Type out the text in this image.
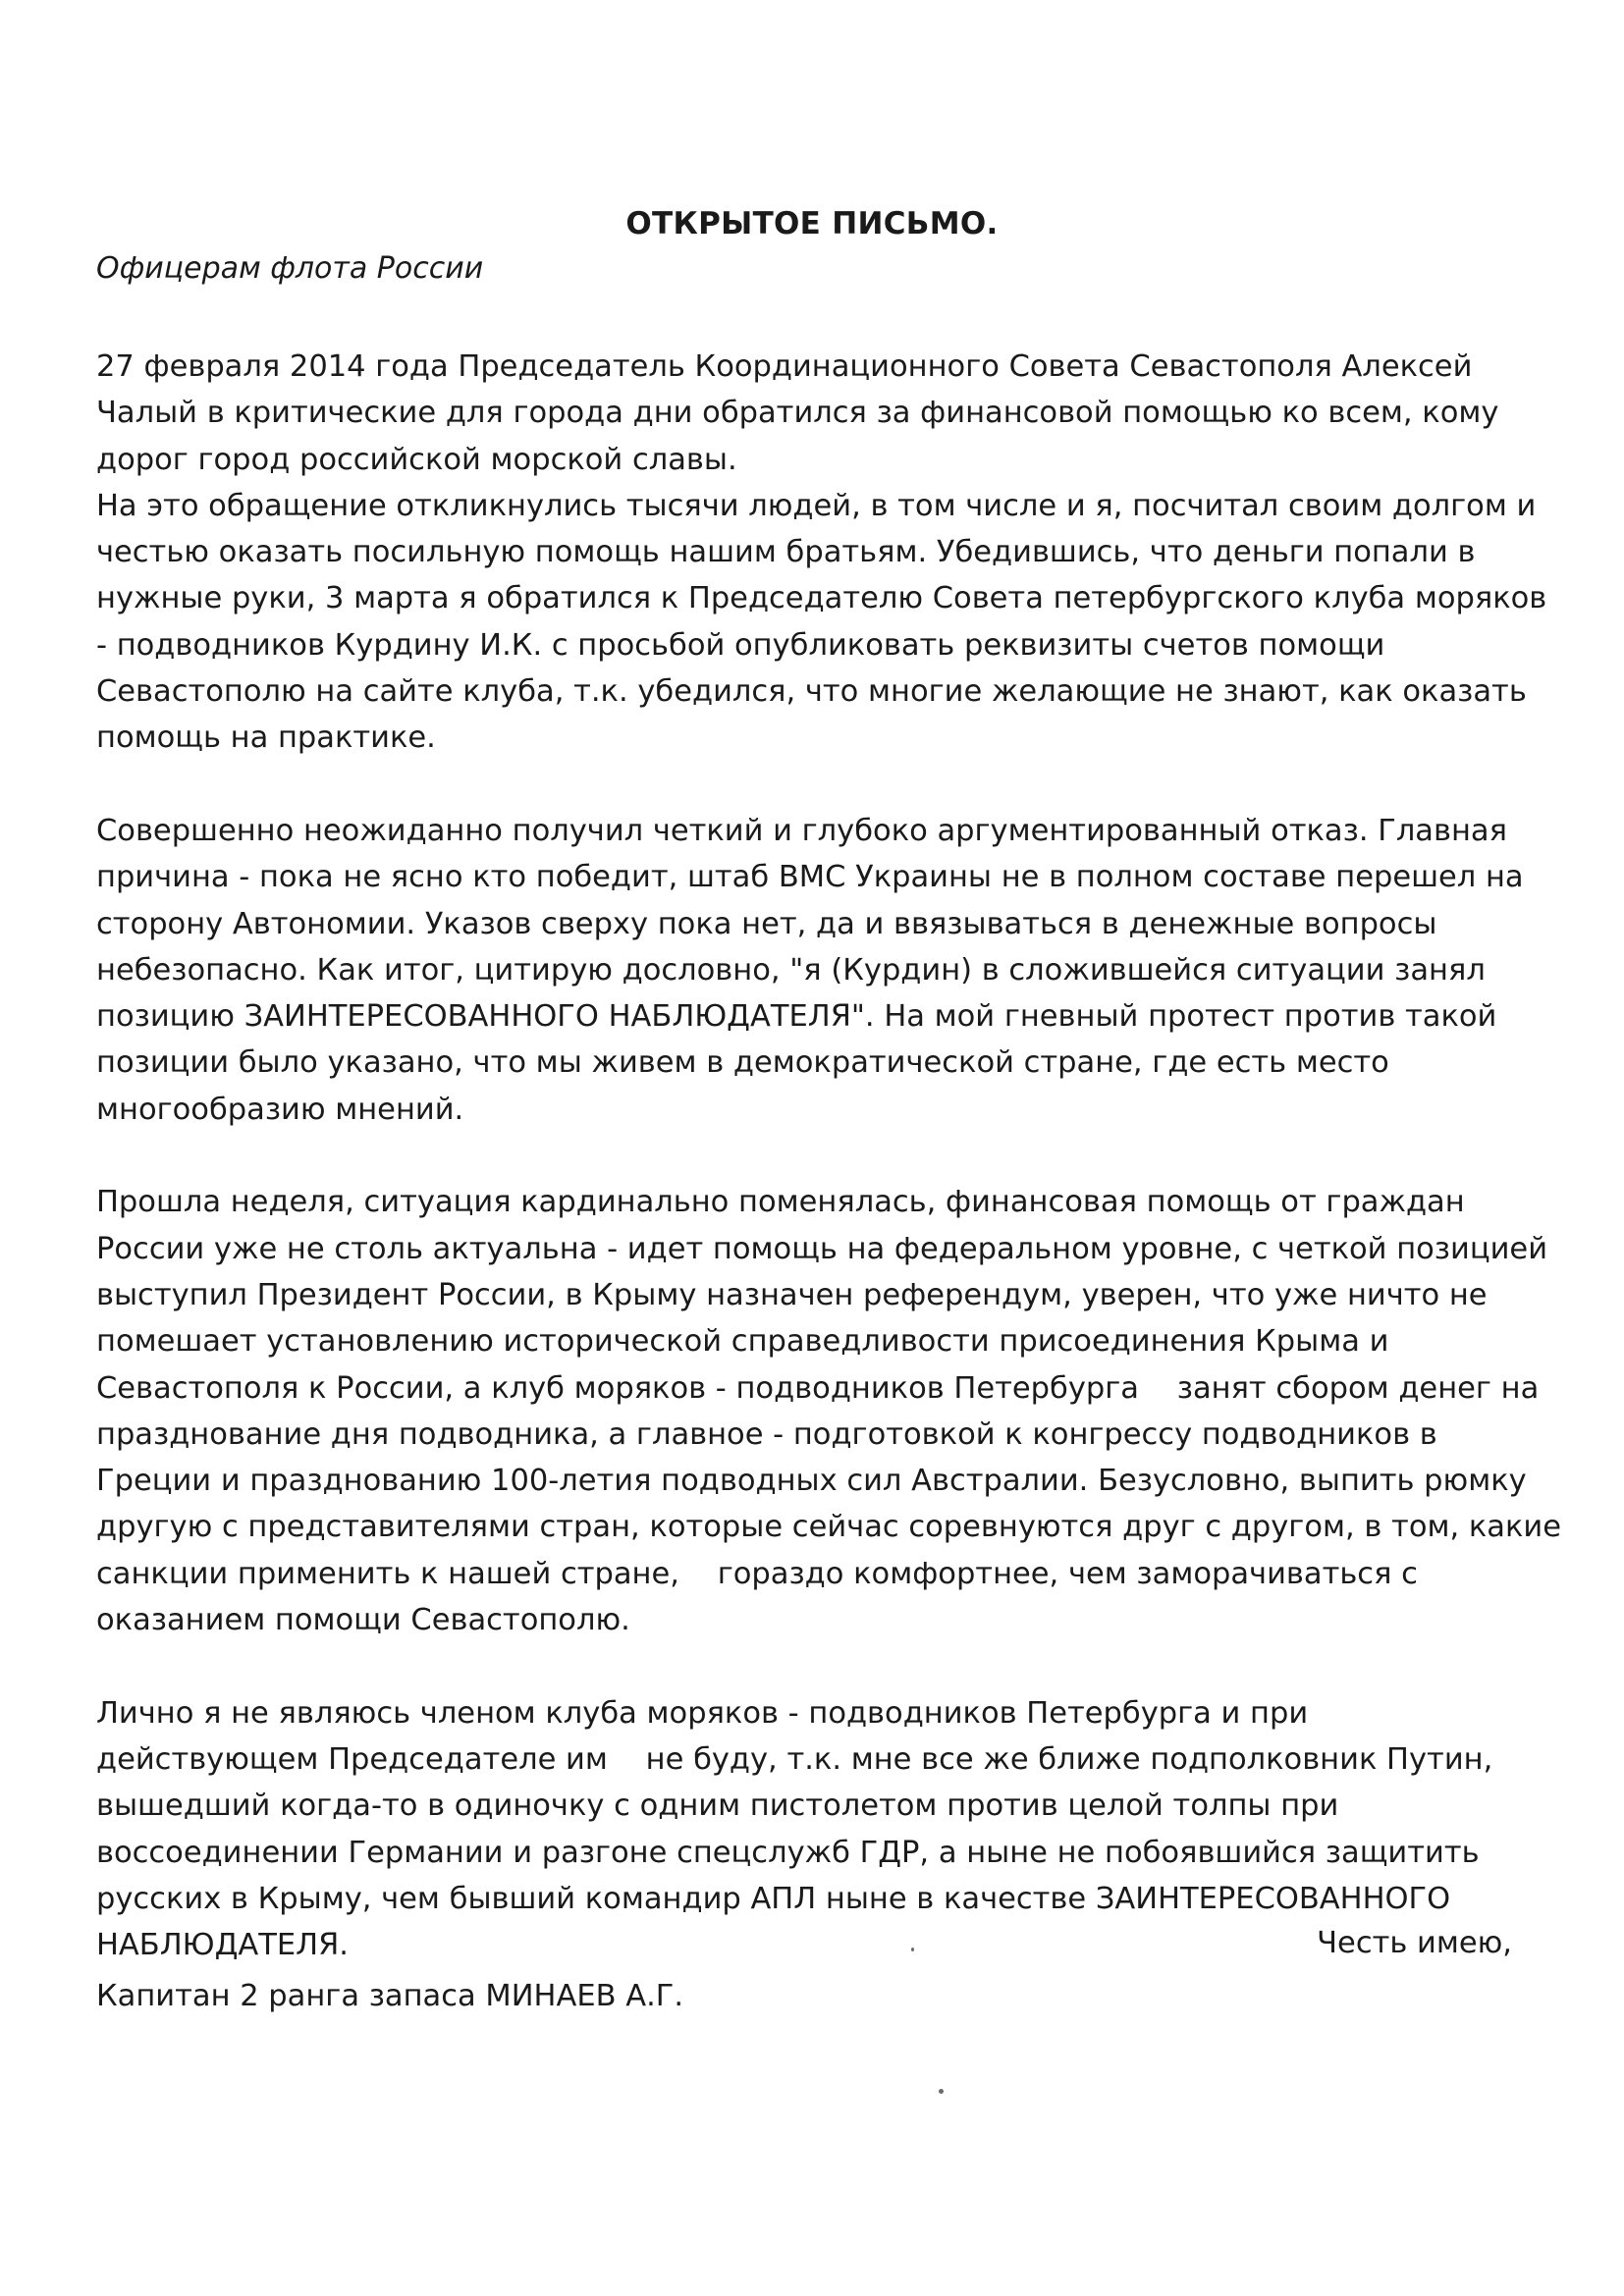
ОТКРЫТОЕ ПИСЬМО.
Офицерам флота России
27 февраля 2014 года Председатель Координационного Совета Севастополя Алексей
Чалый в критические для города дни обратился за финансовой помощью ко всем, кому
дорог город российской морской славы.
На это обращение откликнулись тысячи людей, в том числе и я, посчитал своим долгом и
честью оказать посильную помощь нашим братьям. Убедившись, что деньги попали в
нужные руки, 3 марта я обратился к Председателю Совета петербургского клуба моряков
- подводников Курдину И.К. с просьбой опубликовать реквизиты счетов помощи
Севастополю на сайте клуба, т.к. убедился, что многие желающие не знают, как оказать
помощь на практике.
Совершенно неожиданно получил четкий и глубоко аргументированный отказ. Главная
причина - пока не ясно кто победит, штаб ВМС Украины не в полном составе перешел на
сторону Автономии. Указов сверху пока нет, да и ввязываться в денежные вопросы
небезопасно. Как итог, цитирую дословно, "я (Курдин) в сложившейся ситуации занял
позицию ЗАИНТЕРЕСОВАННОГО НАБЛЮДАТЕЛЯ". На мой гневный протест против такой
позиции было указано, что мы живем в демократической стране, где есть место
многообразию мнений.
Прошла неделя, ситуация кардинально поменялась, финансовая помощь от граждан
России уже не столь актуальна - идет помощь на федеральном уровне, с четкой позицией
выступил Президент России, в Крыму назначен референдум, уверен, что уже ничто не
помешает установлению исторической справедливости присоединения Крыма и
Севастополя к России, а клуб моряков - подводников Петербурга    занят сбором денег на
празднование дня подводника, а главное - подготовкой к конгрессу подводников в
Греции и празднованию 100-летия подводных сил Австралии. Безусловно, выпить рюмку
другую с представителями стран, которые сейчас соревнуются друг с другом, в том, какие
санкции применить к нашей стране,    гораздо комфортнее, чем заморачиваться с
оказанием помощи Севастополю.
Лично я не являюсь членом клуба моряков - подводников Петербурга и при
действующем Председателе им    не буду, т.к. мне все же ближе подполковник Путин,
вышедший когда-то в одиночку с одним пистолетом против целой толпы при
воссоединении Германии и разгоне спецслужб ГДР, а ныне не побоявшийся защитить
русских в Крыму, чем бывший командир АПЛ ныне в качестве ЗАИНТЕРЕСОВАННОГО
НАБЛЮДАТЕЛЯ.	Честь имею,
Капитан 2 ранга запаса МИНАЕВ А.Г.
